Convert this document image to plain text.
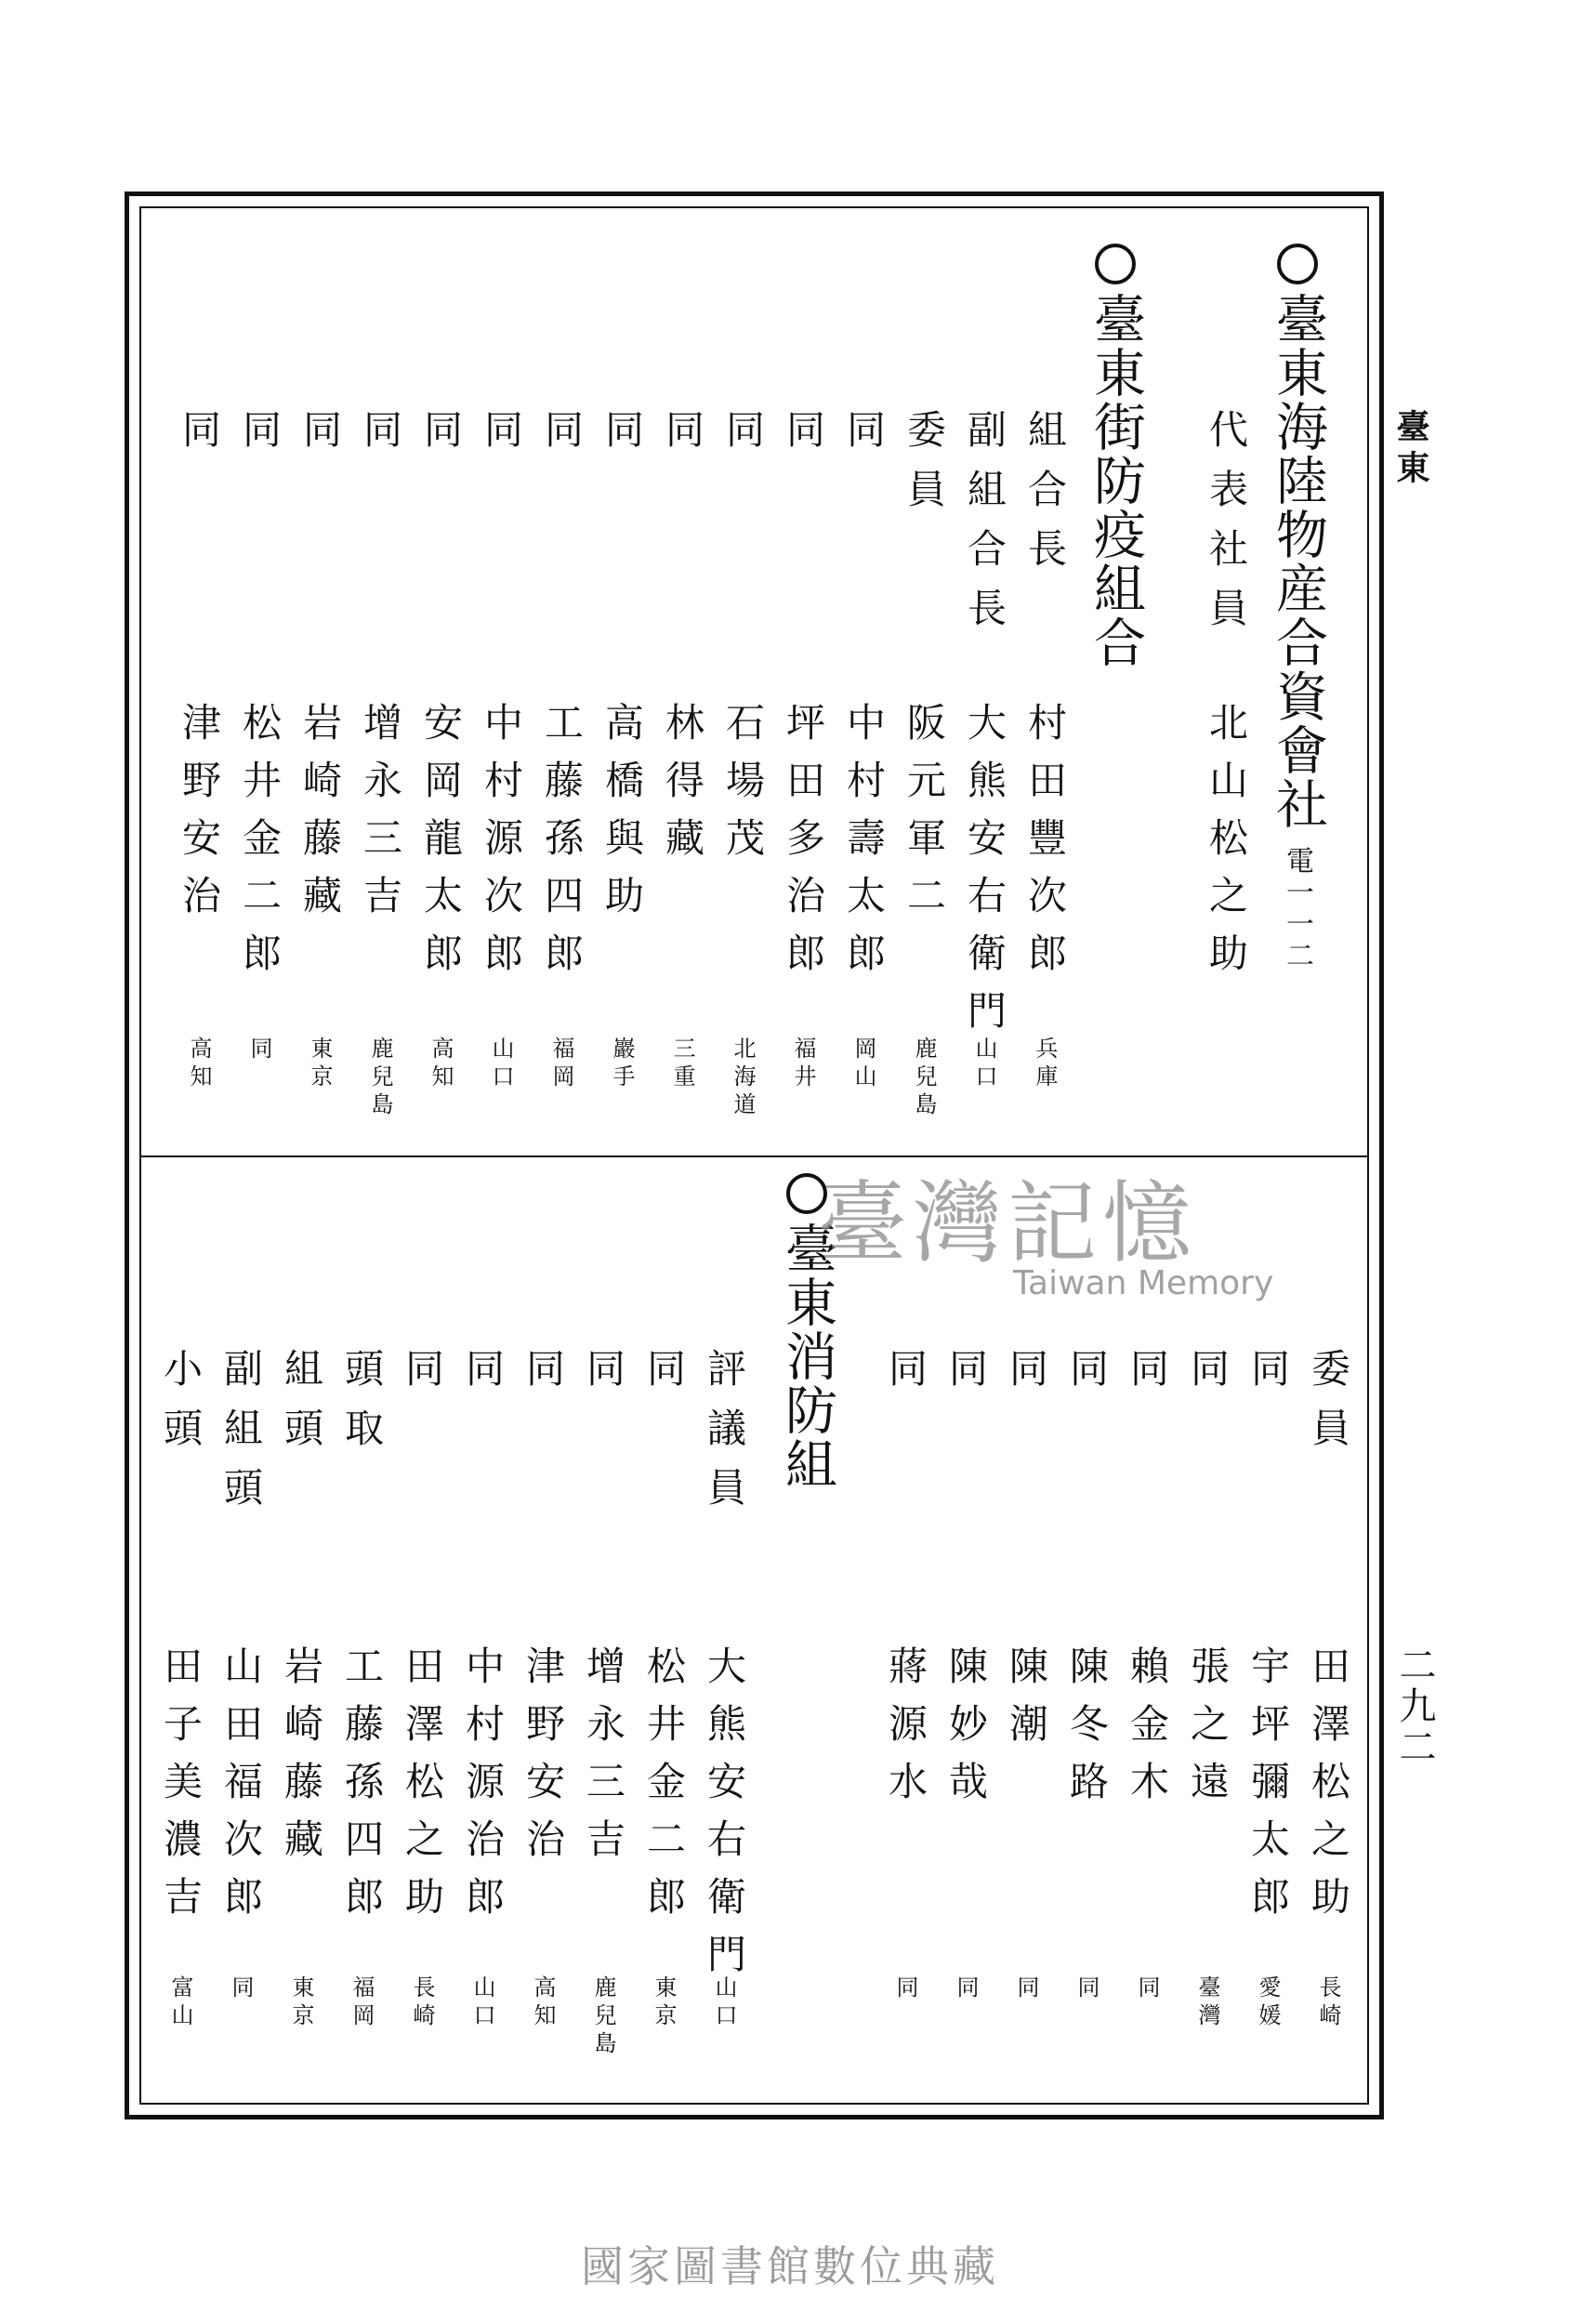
臺東
二九二
臺東海陸物産合資會社
電一一二
臺東街防疫組合 代表社員
北山松之助
組合長
村田豐次郎
兵庫
副組合長
大熊安右衛門
山口
委員
阪元軍二
鹿兒島
同
中村壽太郎
岡山
同
坪田多治郎
福井
同
石場茂
北海道
同
林得藏
三重
同
高橋與助
巖手
同
工藤孫四郎
福岡
同
中村源次郎
山口
同
安岡龍太郎
高知
同
增永三吉
鹿兒島
同
岩崎藤藏
東京
同
松井金二郎
同
同
津野安治
高知
臺東消防組	委員
田澤松之助
長崎
同
宇坪彌太郎
愛媛
同
張之遠
臺灣
同
賴金木
同
同
陳冬路
同
同
陳潮
同
同
陳妙哉
同
同
蔣源水
同
評議員
大熊安右衛門
山口
同
松井金二郎
東京
同
增永三吉
鹿兒島
同
津野安治
高知
同
中村源治郎
山口
同
田澤松之助
長崎
頭取
工藤孫四郎
福岡
組頭
岩崎藤藏
東京
副組頭
山田福次郎
同
小頭
田子美濃吉
富山
臺灣記憶
Taiwan Memory
國家圖書館數位典藏
